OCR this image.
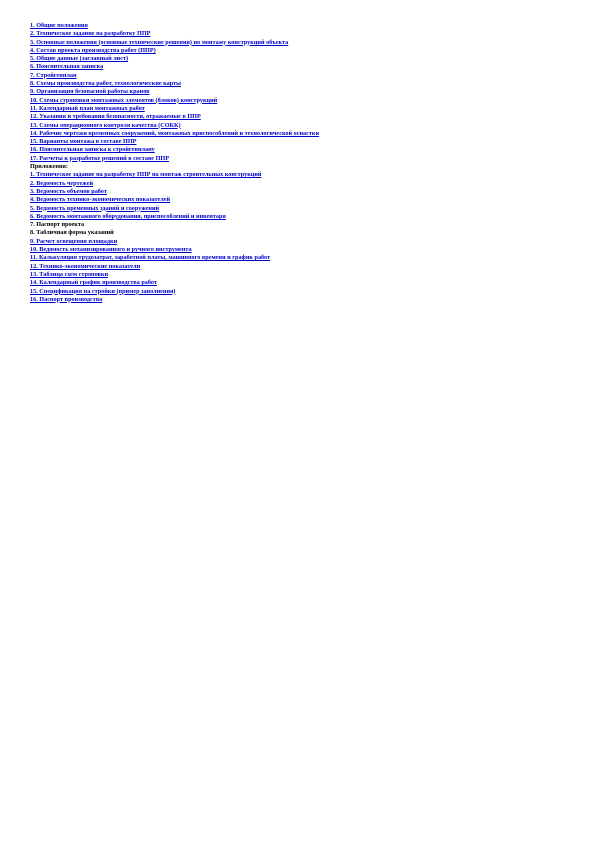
1. Общие положения
2. Техническое задание на разработку ППР
3. Основные положения (основные технические решения) по монтажу конструкций объекта
4. Состав проекта производства работ (ППР)
5. Общие данные (заглавный лист)
6. Пояснительная записка
7. Стройгенплан
8. Схемы производства работ, технологические карты
9. Организация безопасной работы кранов
10. Схемы строповки монтажных элементов (блоков) конструкций
11. Календарный план монтажных работ
12. Указания и требования безопасности, отражаемые в ППР
13. Схемы операционного контроля качества (СОКК)
14. Рабочие чертежи временных сооружений, монтажных приспособлений и технологической оснастки
15. Варианты монтажа в составе ППР
16. Пояснительная записка к стройгенплану
17. Расчеты к разработке решений в составе ППР
Приложения:
1. Техническое задание на разработку ППР на монтаж строительных конструкций
2. Ведомость чертежей
3. Ведомость объемов работ
4. Ведомость технико-экономических показателей
5. Ведомость временных зданий и сооружений
6. Ведомость монтажного оборудования, приспособлений и инвентаря
7. Паспорт проекта
8. Табличная форма указаний
9. Расчет освещения площадки
10. Ведомость механизированного и ручного инструмента
11. Калькуляция трудозатрат, заработной платы, машинного времени и график работ
12. Технико-экономические показатели
13. Таблица схем строповки
14. Календарный график производства работ
15. Спецификация на стройки (пример заполнения)
16. Паспорт производства
